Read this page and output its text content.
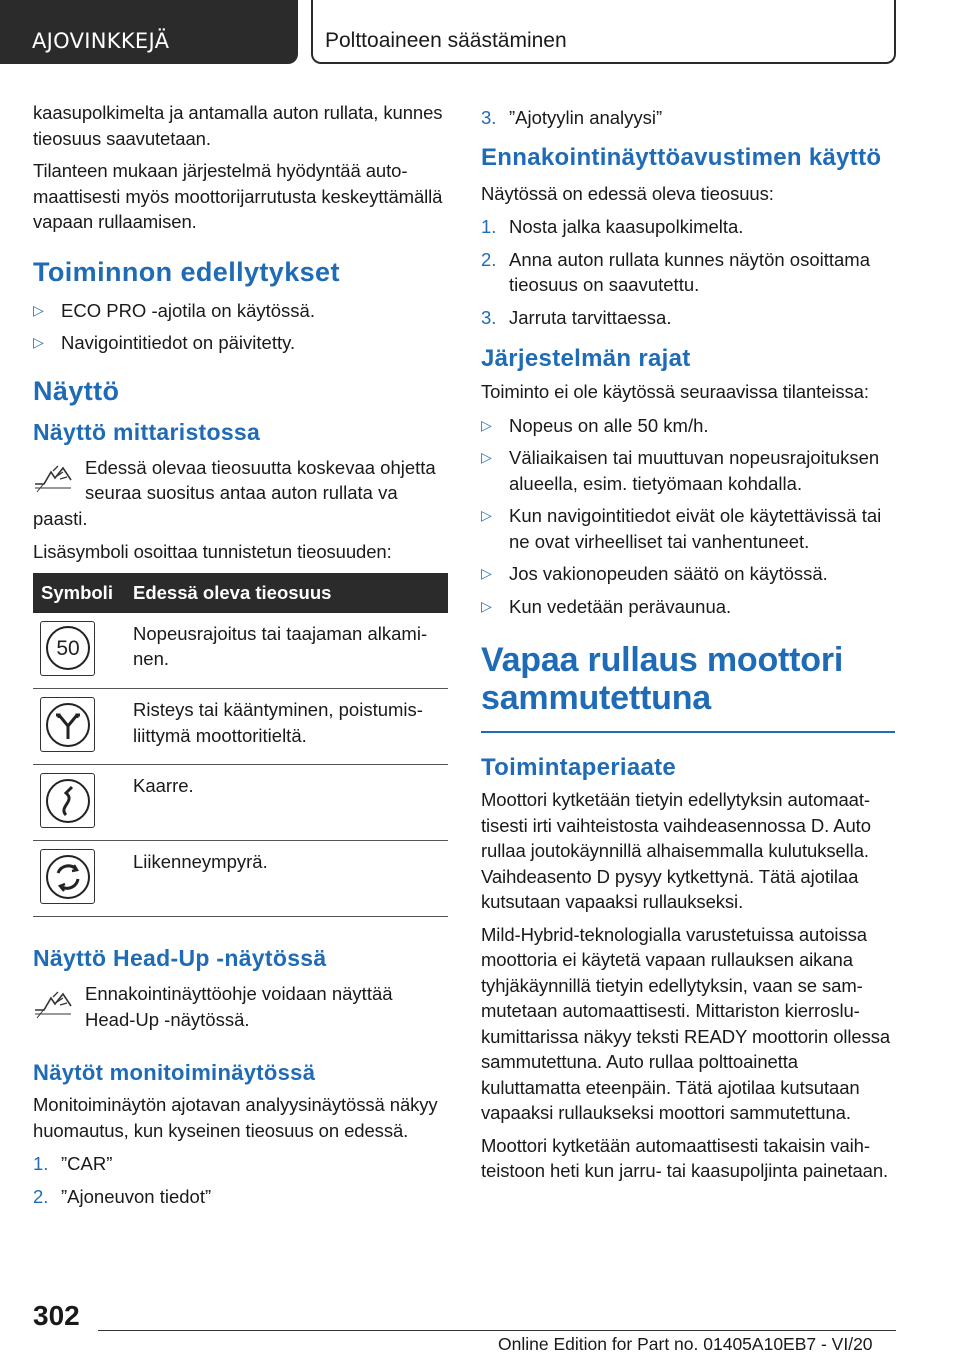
AJOVINKKEJÄ	Polttoaineen säästäminen

kaasupolkimelta ja antamalla auton rullata, kunnes tieosuus saavutetaan.

Tilanteen mukaan järjestelmä hyödyntää automaattisesti myös moottorijarrutusta keskeyttämällä vapaan rullaamisen.

Toiminnon edellytykset
▷ ECO PRO -ajotila on käytössä.
▷ Navigointitiedot on päivitetty.
Näyttö
Näyttö mittaristossa
Edessä olevaa tieosuutta koskevaa ohjetta seuraa suositus antaa auton rullata va
paasti.

Lisäsymboli osoittaa tunnistetun tieosuuden:

Symboli	Edessä oleva tieosuus

50	Nopeusrajoitus tai taajaman alkaminen.

	Risteys tai kääntyminen, poistumisliittymä moottoritieltä.

	Kaarre.

	Liikenneympyrä.
Näyttö Head-Up -näytössä
Ennakointinäyttöohje voidaan näyttää Head-Up -näytössä.
Näytöt monitoiminäytössä

Monitoiminäytön ajotavan analyysinäytössä näkyy huomautus, kun kyseinen tieosuus on edessä.

1. ”CAR”
2. ”Ajoneuvon tiedot”
3. ”Ajotyylin analyysi”
Ennakointinäyttöavustimen käyttö

Näytössä on edessä oleva tieosuus:

1. Nosta jalka kaasupolkimelta.
2. Anna auton rullata kunnes näytön osoittama tieosuus on saavutettu.
3. Jarruta tarvittaessa.
Järjestelmän rajat

Toiminto ei ole käytössä seuraavissa tilanteissa:

▷ Nopeus on alle 50 km/h.
▷ Väliaikaisen tai muuttuvan nopeusrajoituksen alueella, esim. tietyömaan kohdalla.
▷ Kun navigointitiedot eivät ole käytettävissä tai ne ovat virheelliset tai vanhentuneet.
▷ Jos vakionopeuden säätö on käytössä.
▷ Kun vedetään perävaunua.
Vapaa rullaus moottori sammutettuna
Toimintaperiaate

Moottori kytketään tietyin edellytyksin automaattisesti irti vaihteistosta vaihdeasennossa D. Auto rullaa joutokäynnillä alhaisemmalla kulutuksella. Vaihdeasento D pysyy kytkettynä. Tätä ajotilaa kutsutaan vapaaksi rullaukseksi.

Mild-Hybrid-teknologialla varustetuissa autoissa moottoria ei käytetä vapaan rullauksen aikana tyhjäkäynnillä tietyin edellytyksin, vaan se sammutetaan automaattisesti. Mittariston kierroslukumittarissa näkyy teksti READY moottorin ollessa sammutettuna. Auto rullaa polttoainetta kuluttamatta eteenpäin. Tätä ajotilaa kutsutaan vapaaksi rullaukseksi moottori sammutettuna.

Moottori kytketään automaattisesti takaisin vaihteistoon heti kun jarru- tai kaasupoljinta painetaan.

302
Online Edition for Part no. 01405A10EB7 - VI/20
